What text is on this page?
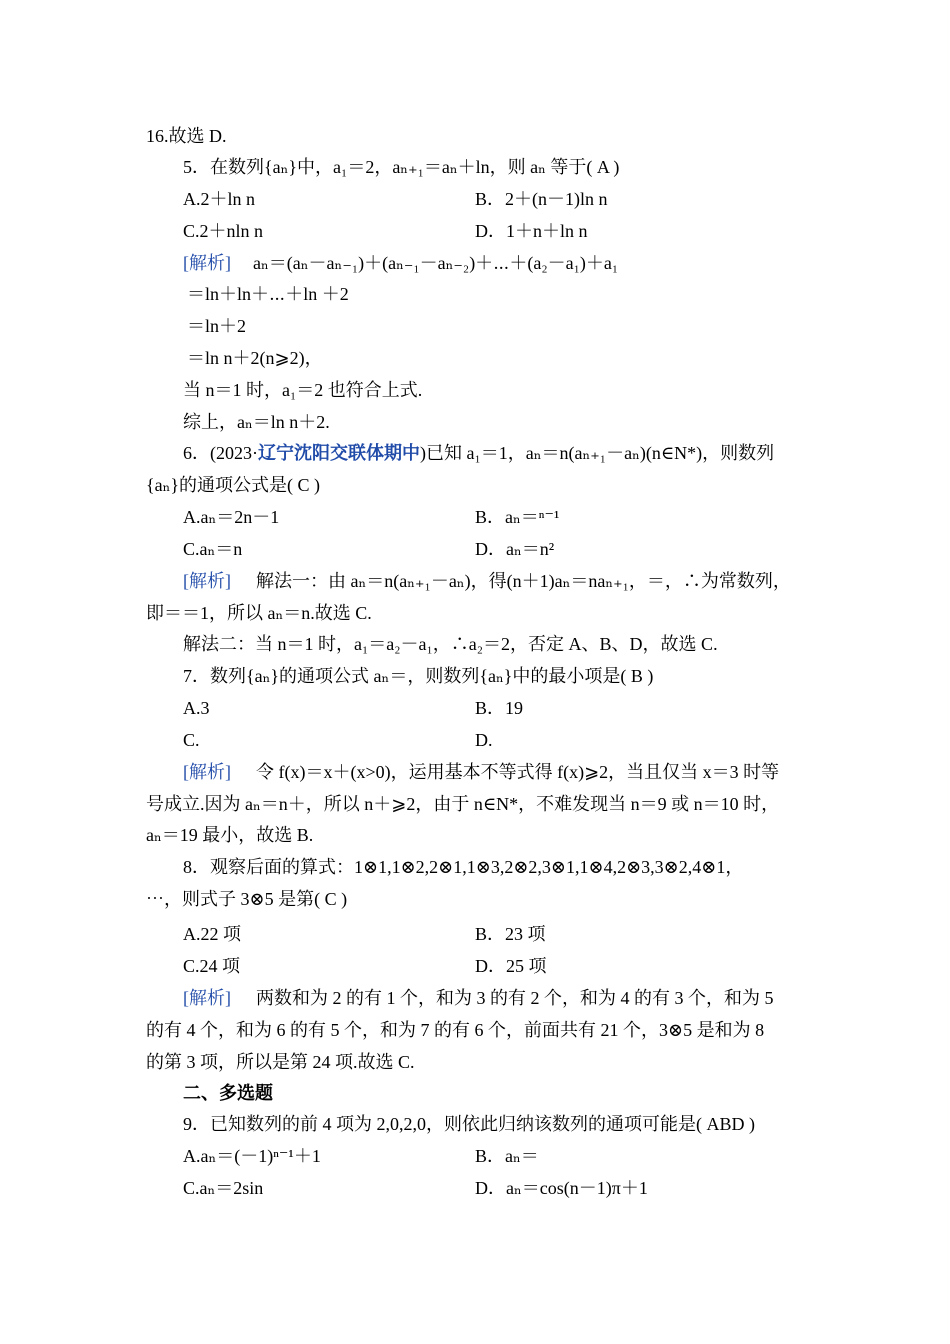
16.故选 D.
5．在数列{aₙ}中，a₁＝2，aₙ₊₁＝aₙ＋ln，则 aₙ 等于( A )
A.2＋ln n	B．2＋(n－1)ln n
C.2＋nln n	D．1＋n＋ln n
[解析] aₙ＝(aₙ－aₙ₋₁)＋(aₙ₋₁－aₙ₋₂)＋⋯＋(a₂－a₁)＋a₁
＝ln＋ln＋⋯＋ln ＋2
＝ln＋2
＝ln n＋2(n⩾2)，
当 n＝1 时，a₁＝2 也符合上式.
综上，aₙ＝ln n＋2.
6．(2023·辽宁沈阳交联体期中)已知 a₁＝1，aₙ＝n(aₙ₊₁－aₙ)(n∈N*)，则数列
{aₙ}的通项公式是( C )
A.aₙ＝2n－1	B．aₙ＝ⁿ⁻¹
C.aₙ＝n	D．aₙ＝n²
[解析] 解法一：由 aₙ＝n(aₙ₊₁－aₙ)，得(n＋1)aₙ＝naₙ₊₁，＝，∴为常数列，
即＝＝1，所以 aₙ＝n.故选 C.
解法二：当 n＝1 时，a₁＝a₂－a₁，∴a₂＝2，否定 A、B、D，故选 C.
7．数列{aₙ}的通项公式 aₙ＝，则数列{aₙ}中的最小项是( B )
A.3	B．19
C.	D.
[解析] 令 f(x)＝x＋(x>0)，运用基本不等式得 f(x)⩾2，当且仅当 x＝3 时等
号成立.因为 aₙ＝n＋，所以 n＋⩾2，由于 n∈N*，不难发现当 n＝9 或 n＝10 时，
aₙ＝19 最小，故选 B.
8．观察后面的算式：1⊗1,1⊗2,2⊗1,1⊗3,2⊗2,3⊗1,1⊗4,2⊗3,3⊗2,4⊗1，
⋯，则式子 3⊗5 是第( C )
A.22 项	B．23 项
C.24 项	D．25 项
[解析] 两数和为 2 的有 1 个，和为 3 的有 2 个，和为 4 的有 3 个，和为 5
的有 4 个，和为 6 的有 5 个，和为 7 的有 6 个，前面共有 21 个，3⊗5 是和为 8
的第 3 项，所以是第 24 项.故选 C.
二、多选题
9．已知数列的前 4 项为 2,0,2,0，则依此归纳该数列的通项可能是( ABD )
A.aₙ＝(－1)ⁿ⁻¹＋1	B．aₙ＝
C.aₙ＝2sin	D．aₙ＝cos(n－1)π＋1
